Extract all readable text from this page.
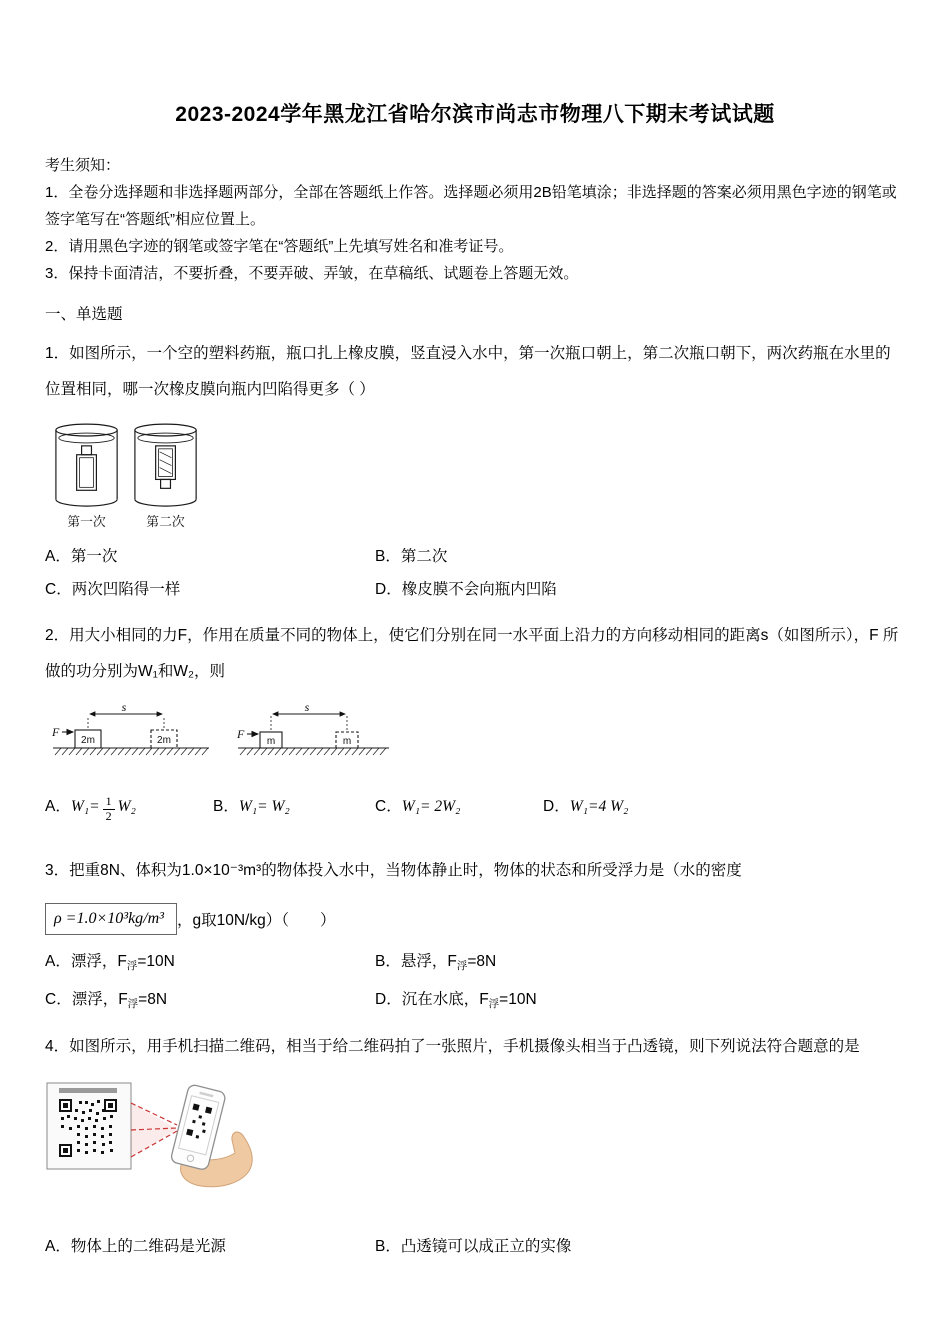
2023-2024学年黑龙江省哈尔滨市尚志市物理八下期末考试试题

考生须知：

1．全卷分选择题和非选择题两部分，全部在答题纸上作答。选择题必须用2B铅笔填涂；非选择题的答案必须用黑色字迹的钢笔或签字笔写在“答题纸”相应位置上。

2．请用黑色字迹的钢笔或签字笔在“答题纸”上先填写姓名和准考证号。

3．保持卡面清洁，不要折叠，不要弄破、弄皱，在草稿纸、试题卷上答题无效。

一、单选题

1．如图所示，一个空的塑料药瓶，瓶口扎上橡皮膜，竖直浸入水中，第一次瓶口朝上，第二次瓶口朝下，两次药瓶在水里的位置相同，哪一次橡皮膜向瓶内凹陷得更多（ ）

第一次	第二次
A．第一次	B．第二次
C．两次凹陷得一样	D．橡皮膜不会向瓶内凹陷

2．用大小相同的力F，作用在质量不同的物体上，使它们分别在同一水平面上沿力的方向移动相同的距离s（如图所示），F 所做的功分别为W₁和W₂，则

F
2m	2m
s
F
m	m
s
A．$W_1= \frac{1}{2} W_2$	B．W₁= W₂	C．W₁= 2W₂	D．W₁=4 W₂

3．把重8N、体积为1.0×10⁻³m³的物体投入水中，当物体静止时，物体的状态和所受浮力是（水的密度

ρ =1.0×10³kg/m³ ，g取10N/kg）（　　）
A．漂浮，F浮=10N	B．悬浮，F浮=8N
C．漂浮，F浮=8N	D．沉在水底，F浮=10N

4．如图所示，用手机扫描二维码，相当于给二维码拍了一张照片，手机摄像头相当于凸透镜，则下列说法符合题意的是

A．物体上的二维码是光源	B．凸透镜可以成正立的实像
